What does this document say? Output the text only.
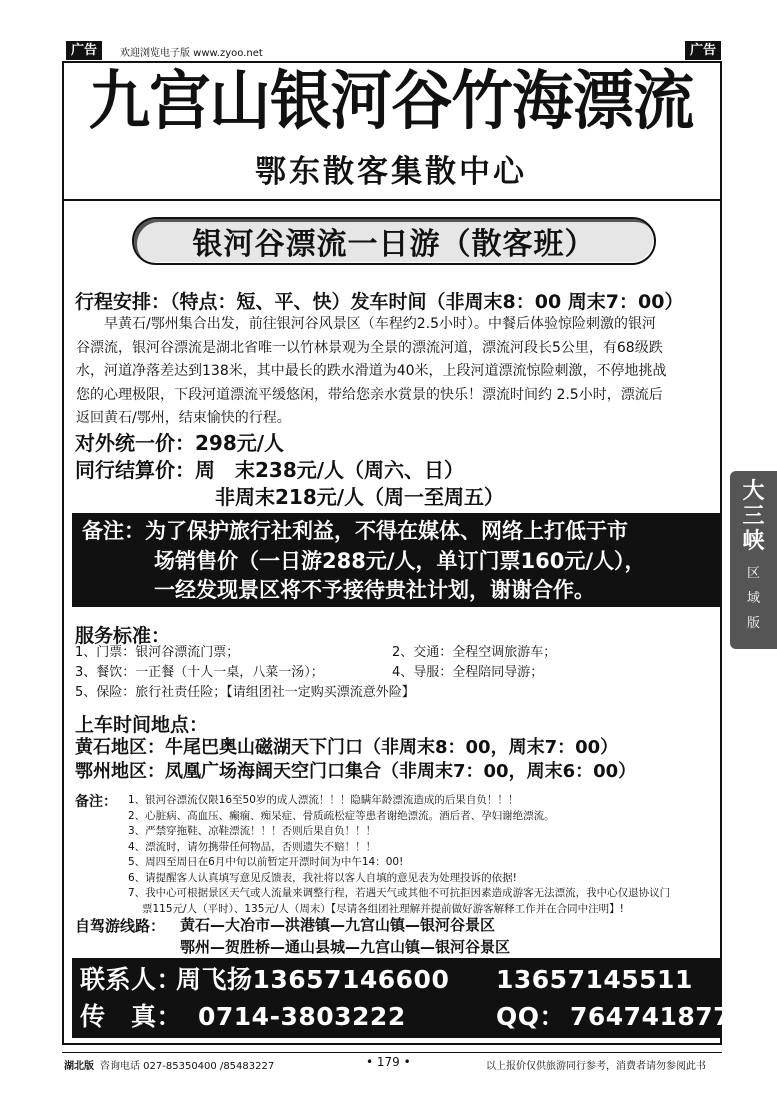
广告	欢迎浏览电子版 www.zyoo.net	广告
九宫山银河谷竹海漂流
鄂东散客集散中心
银河谷漂流一日游（散客班）
行程安排：（特点：短、平、快）发车时间（非周末8：00 周末7：00）
早黄石/鄂州集合出发，前往银河谷风景区（车程约2.5小时）。中餐后体验惊险刺激的银河
谷漂流，银河谷漂流是湖北省唯一以竹林景观为全景的漂流河道，漂流河段长5公里，有68级跌
水，河道净落差达到138米，其中最长的跌水滑道为40米，上段河道漂流惊险刺激，不停地挑战
您的心理极限，下段河道漂流平缓悠闲，带给您亲水赏景的快乐！漂流时间约 2.5小时，漂流后
返回黄石/鄂州，结束愉快的行程。
对外统一价：298元/人
同行结算价：周　末238元/人（周六、日）
非周末218元/人（周一至周五）
备注：为了保护旅行社利益，不得在媒体、网络上打低于市
场销售价（一日游288元/人，单订门票160元/人），
一经发现景区将不予接待贵社计划，谢谢合作。
服务标准：
1、门票：银河谷漂流门票；	2、交通：全程空调旅游车；
3、餐饮：一正餐（十人一桌，八菜一汤）；	4、导服：全程陪同导游；
5、保险：旅行社责任险；【请组团社一定购买漂流意外险】
上车时间地点：
黄石地区：牛尾巴奥山磁湖天下门口（非周末8：00，周末7：00）
鄂州地区：凤凰广场海阔天空门口集合（非周末7：00，周末6：00）
备注： 1、银河谷漂流仅限16至50岁的成人漂流！！！隐瞒年龄漂流造成的后果自负！！！
2、心脏病、高血压、癫痫、痴呆症、骨质疏松症等患者谢绝漂流。酒后者、孕妇谢绝漂流。
3、严禁穿拖鞋、凉鞋漂流！！！否则后果自负！！！
4、漂流时，请勿携带任何物品，否则遗失不赔！！！
5、周四至周日在6月中旬以前暂定开漂时间为中午14：00!
6、请提醒客人认真填写意见反馈表，我社将以客人自填的意见表为处理投诉的依据!
7、我中心可根据景区天气或人流量来调整行程，若遇天气或其他不可抗拒因素造成游客无法漂流，我中心仅退协议门
票115元/人（平时）、135元/人（周末）【尽请各组团社理解并提前做好游客解释工作并在合同中注明】!
自驾游线路： 黄石—大冶市—洪港镇—九宫山镇—银河谷景区
鄂州—贺胜桥—通山县城—九宫山镇—银河谷景区
联系人：
周飞扬13657146600 13657145511
传　真： 0714-3803222	QQ： 764741877
大
三
峡
区
域
版
湖北版 咨询电话 027-85350400 /85483227	• 179 •	以上报价仅供旅游同行参考，消费者请勿参阅此书
